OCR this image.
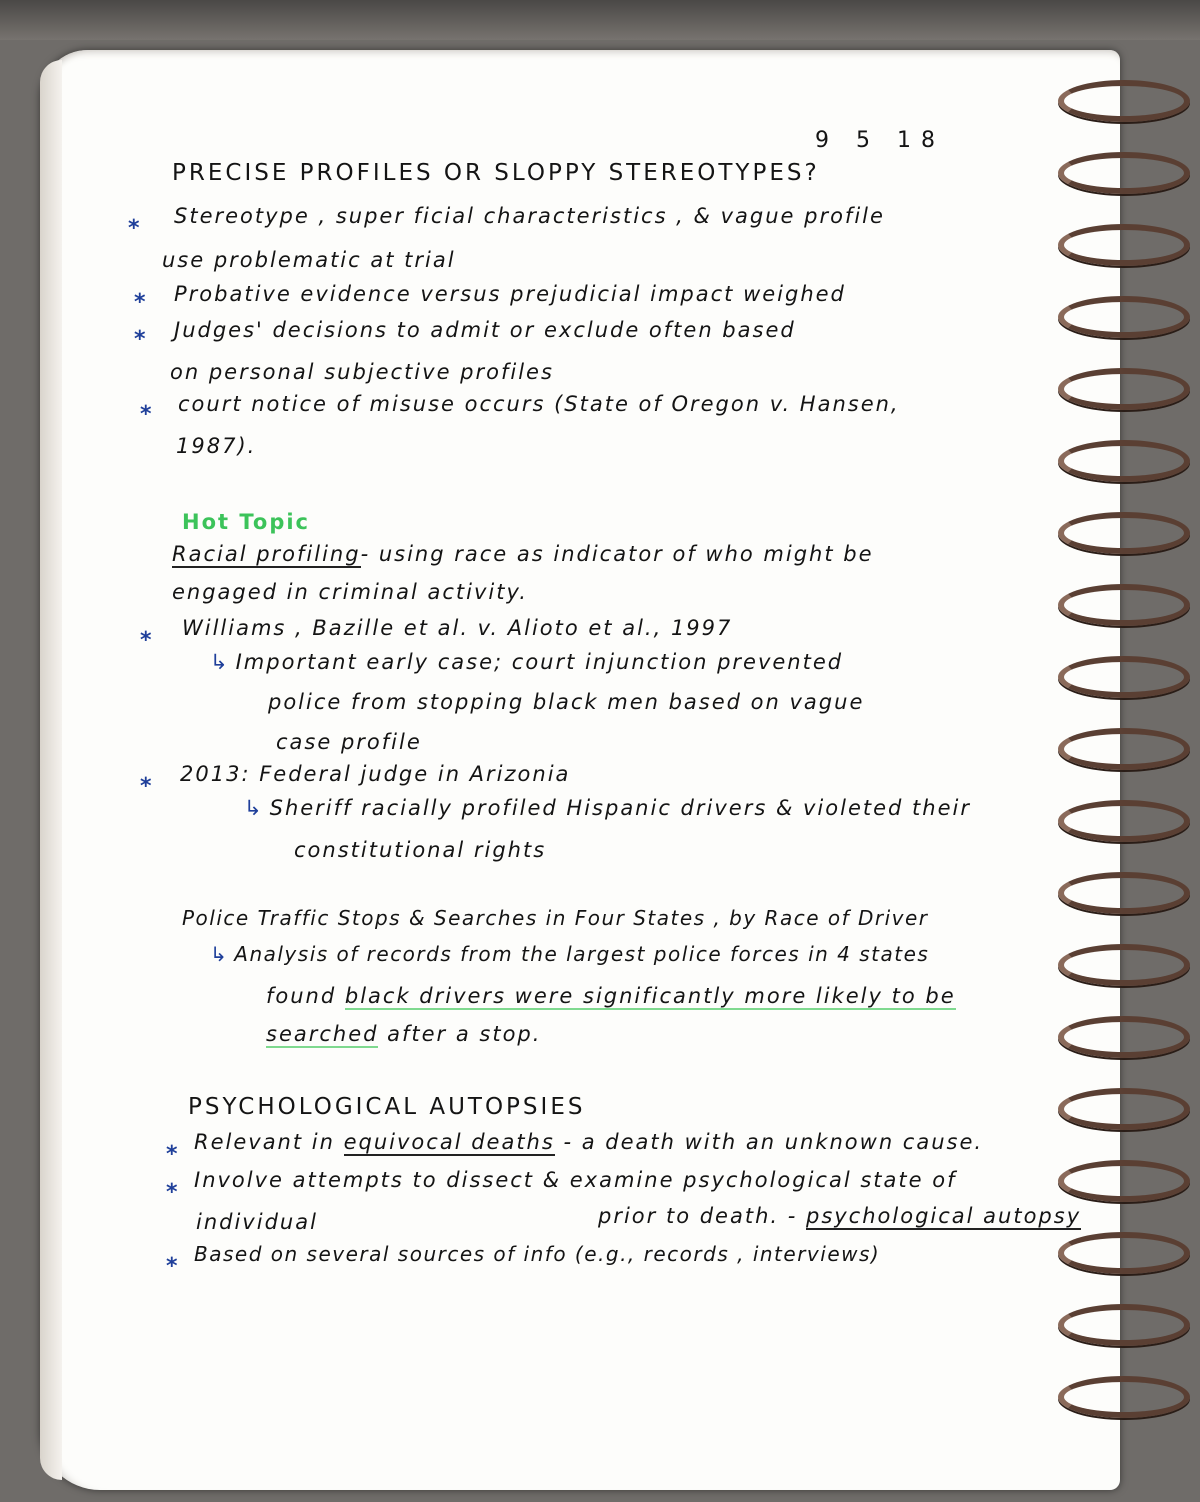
9 5 18
PRECISE PROFILES OR SLOPPY STEREOTYPES?
* Stereotype , super ficial characteristics , & vague profile
use problematic at trial
* Probative evidence versus prejudicial impact weighed
* Judges' decisions to admit or exclude often based
on personal subjective profiles
* court notice of misuse occurs (State of Oregon v. Hansen,
1987).
Hot Topic
Racial profiling- using race as indicator of who might be
engaged in criminal activity.
* Williams , Bazille et al. v. Alioto et al., 1997
↳ Important early case; court injunction prevented
police from stopping black men based on vague
case profile
* 2013: Federal judge in Arizonia
↳ Sheriff racially profiled Hispanic drivers & violeted their
constitutional rights
Police Traffic Stops & Searches in Four States , by Race of Driver
↳ Analysis of records from the largest police forces in 4 states
found black drivers were significantly more likely to be
searched after a stop.
PSYCHOLOGICAL AUTOPSIES
* Relevant in equivocal deaths - a death with an unknown cause.
* Involve attempts to dissect & examine psychological state of
individual	prior to death. - psychological autopsy
* Based on several sources of info (e.g., records , interviews)
